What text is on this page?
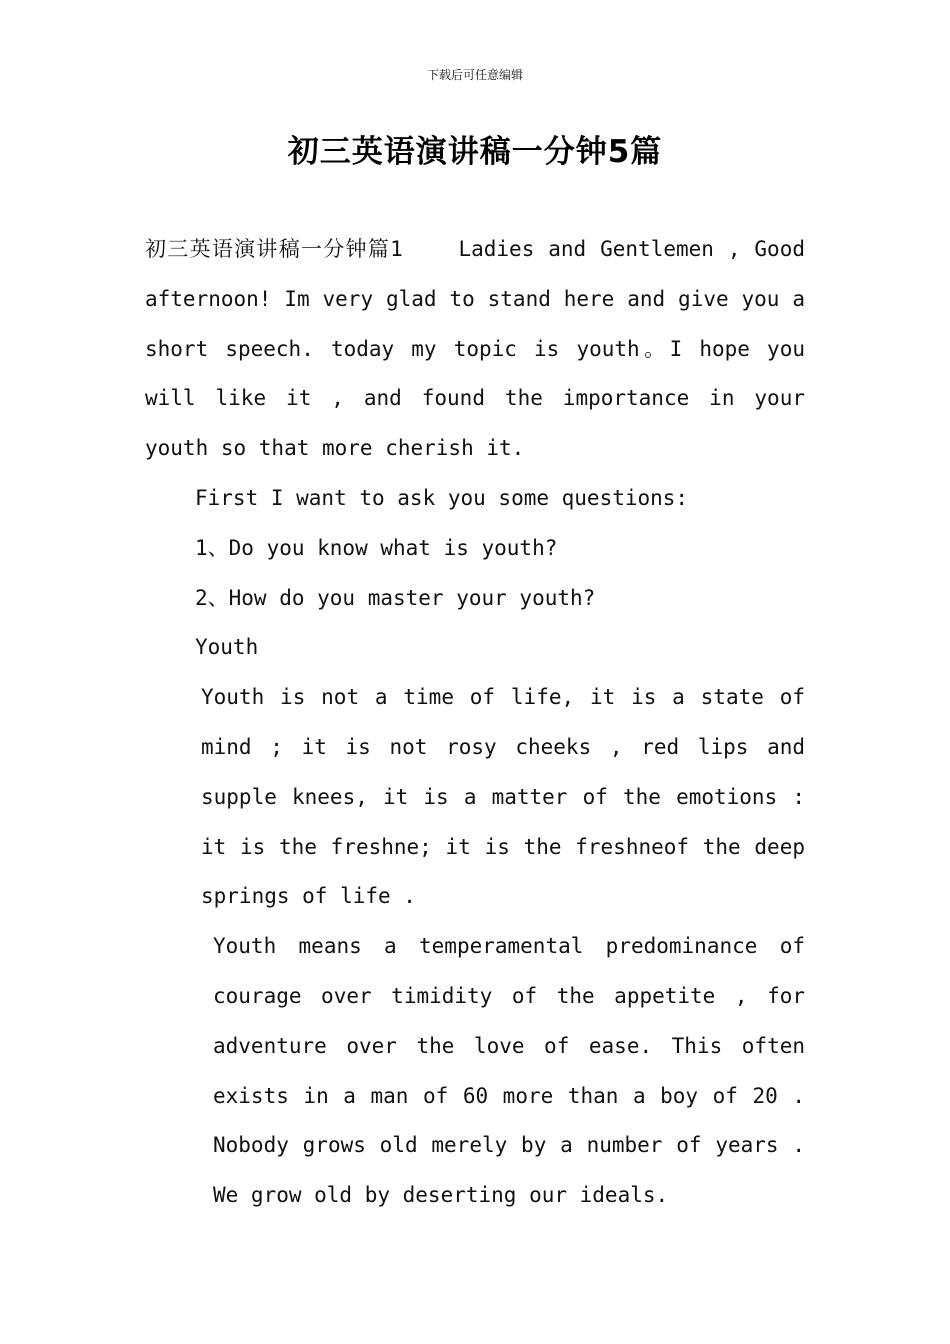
下载后可任意编辑
初三英语演讲稿一分钟5篇

初三英语演讲稿一分钟篇1	Ladies and Gentlemen , Good afternoon! Im very glad to stand here and give you a short speech. today my topic is youth。I hope you will like it , and found the importance in your youth so that more cherish it.

First I want to ask you some questions:

1、Do you know what is youth?

2、How do you master your youth?

Youth

Youth is not a time of life, it is a state of mind ; it is not rosy cheeks , red lips and supple knees, it is a matter of the emotions : it is the freshne; it is the freshneof the deep springs of life .

Youth means a temperamental predominance of courage over timidity of the appetite , for adventure over the love of ease. This often exists in a man of 60 more than a boy of 20 . Nobody grows old merely by a number of years . We grow old by deserting our ideals.
